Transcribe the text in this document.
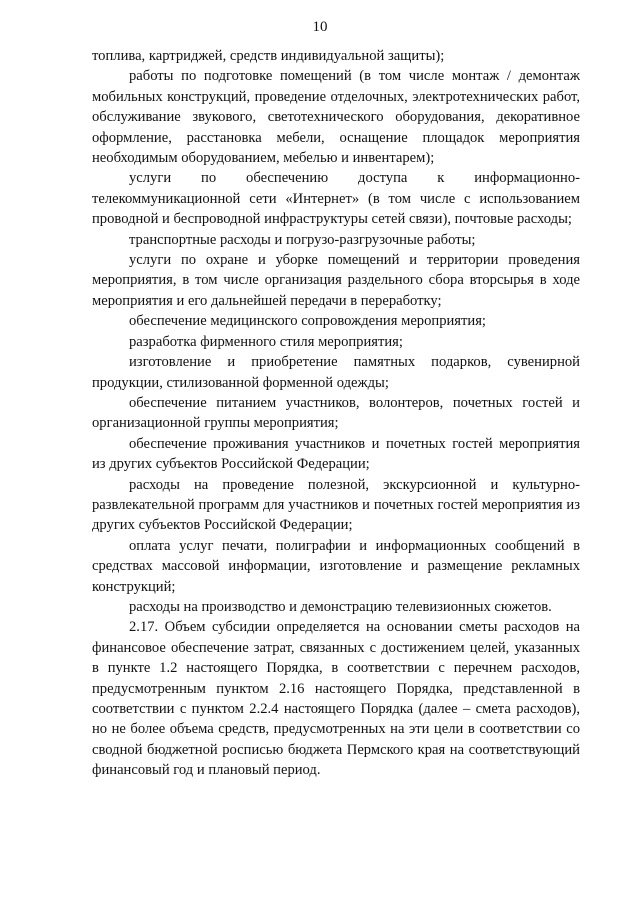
10

топлива, картриджей, средств индивидуальной защиты);

работы по подготовке помещений (в том числе монтаж / демонтаж мобильных конструкций, проведение отделочных, электротехнических работ, обслуживание звукового, светотехнического оборудования, декоративное оформление, расстановка мебели, оснащение площадок мероприятия необходимым оборудованием, мебелью и инвентарем);

услуги по обеспечению доступа к информационно-телекоммуникационной сети «Интернет» (в том числе с использованием проводной и беспроводной инфраструктуры сетей связи), почтовые расходы;

транспортные расходы и погрузо-разгрузочные работы;

услуги по охране и уборке помещений и территории проведения мероприятия, в том числе организация раздельного сбора вторсырья в ходе мероприятия и его дальнейшей передачи в переработку;

обеспечение медицинского сопровождения мероприятия;

разработка фирменного стиля мероприятия;

изготовление и приобретение памятных подарков, сувенирной продукции, стилизованной форменной одежды;

обеспечение питанием участников, волонтеров, почетных гостей и организационной группы мероприятия;

обеспечение проживания участников и почетных гостей мероприятия из других субъектов Российской Федерации;

расходы на проведение полезной, экскурсионной и культурно-развлекательной программ для участников и почетных гостей мероприятия из других субъектов Российской Федерации;

оплата услуг печати, полиграфии и информационных сообщений в средствах массовой информации, изготовление и размещение рекламных конструкций;

расходы на производство и демонстрацию телевизионных сюжетов.

2.17. Объем субсидии определяется на основании сметы расходов на финансовое обеспечение затрат, связанных с достижением целей, указанных в пункте 1.2 настоящего Порядка, в соответствии с перечнем расходов, предусмотренным пунктом 2.16 настоящего Порядка, представленной в соответствии с пунктом 2.2.4 настоящего Порядка (далее – смета расходов), но не более объема средств, предусмотренных на эти цели в соответствии со сводной бюджетной росписью бюджета Пермского края на соответствующий финансовый год и плановый период.
